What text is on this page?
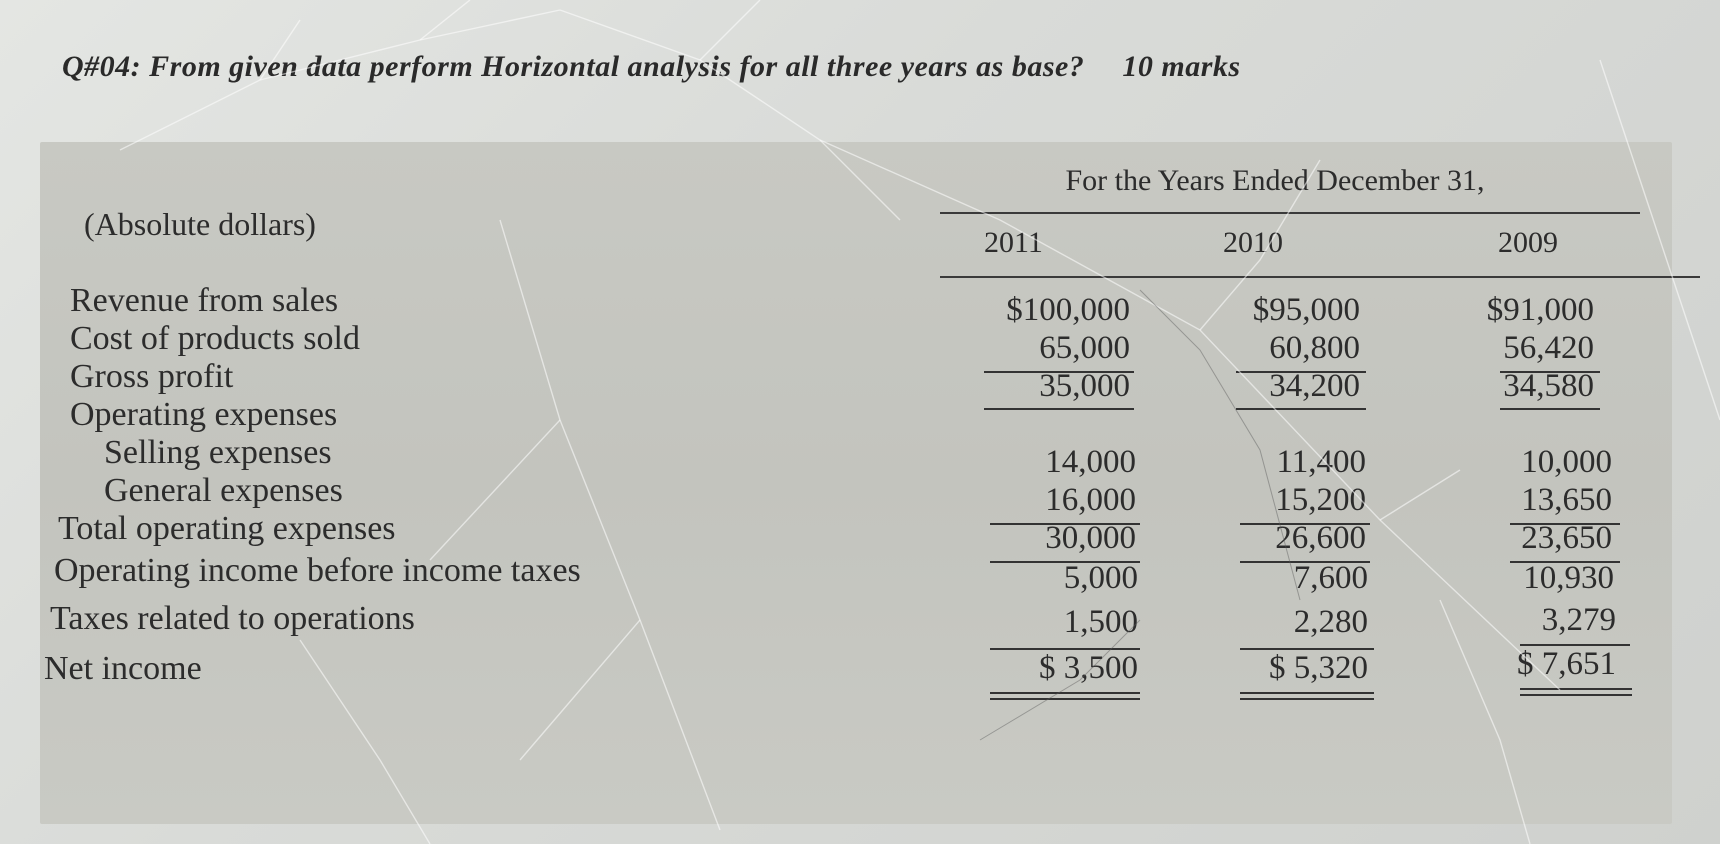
Q#04: From given data perform Horizontal analysis for all three years as base? 10 marks
For the Years Ended December 31,
(Absolute dollars)
2011	2010	2009
Revenue from sales
Cost of products sold
Gross profit
Operating expenses
Selling expenses
General expenses
Total operating expenses
Operating income before income taxes
Taxes related to operations
Net income
$100,000
65,000
35,000
14,000
16,000
30,000
5,000
1,500
$ 3,500
$95,000
60,800
34,200
11,400
15,200
26,600
7,600
2,280
$ 5,320
$91,000
56,420
34,580
10,000
13,650
23,650
10,930
3,279
$ 7,651
